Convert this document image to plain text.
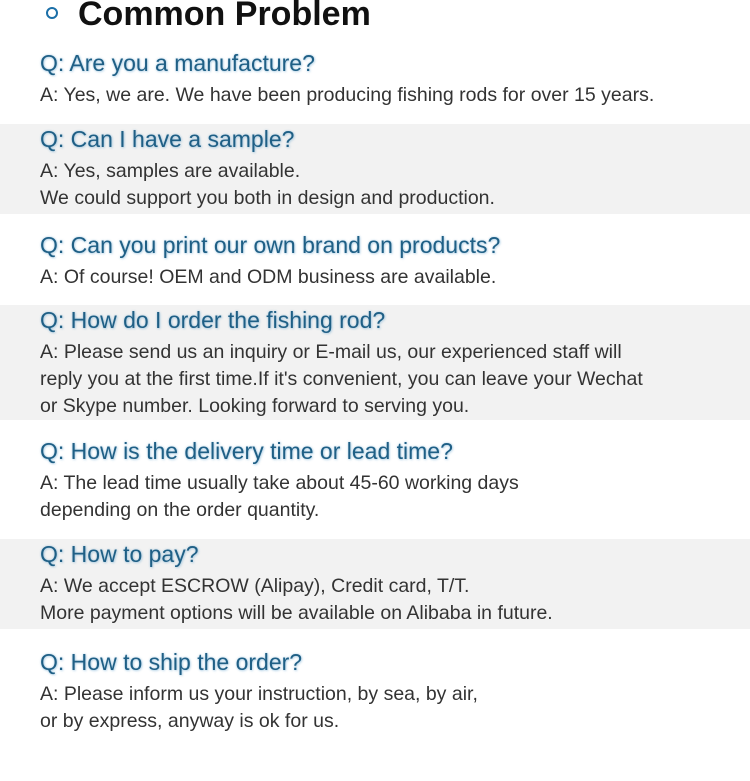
Common Problem
Q: Are you a manufacture?
A: Yes, we are. We have been producing fishing rods for over 15 years.
Q: Can I have a sample?
A: Yes, samples are available.
We could support you both in design and production.
Q: Can you print our own brand on products?
A: Of course! OEM and ODM business are available.
Q: How do I order the fishing rod?
A: Please send us an inquiry or E-mail us, our experienced staff will
reply you at the first time.If it's convenient, you can leave your Wechat
or Skype number. Looking forward to serving you.
Q: How is the delivery time or lead time?
A: The lead time usually take about 45-60 working days
depending on the order quantity.
Q: How to pay?
A: We accept ESCROW (Alipay), Credit card, T/T.
More payment options will be available on Alibaba in future.
Q: How to ship the order?
A: Please inform us your instruction, by sea, by air,
or by express, anyway is ok for us.
